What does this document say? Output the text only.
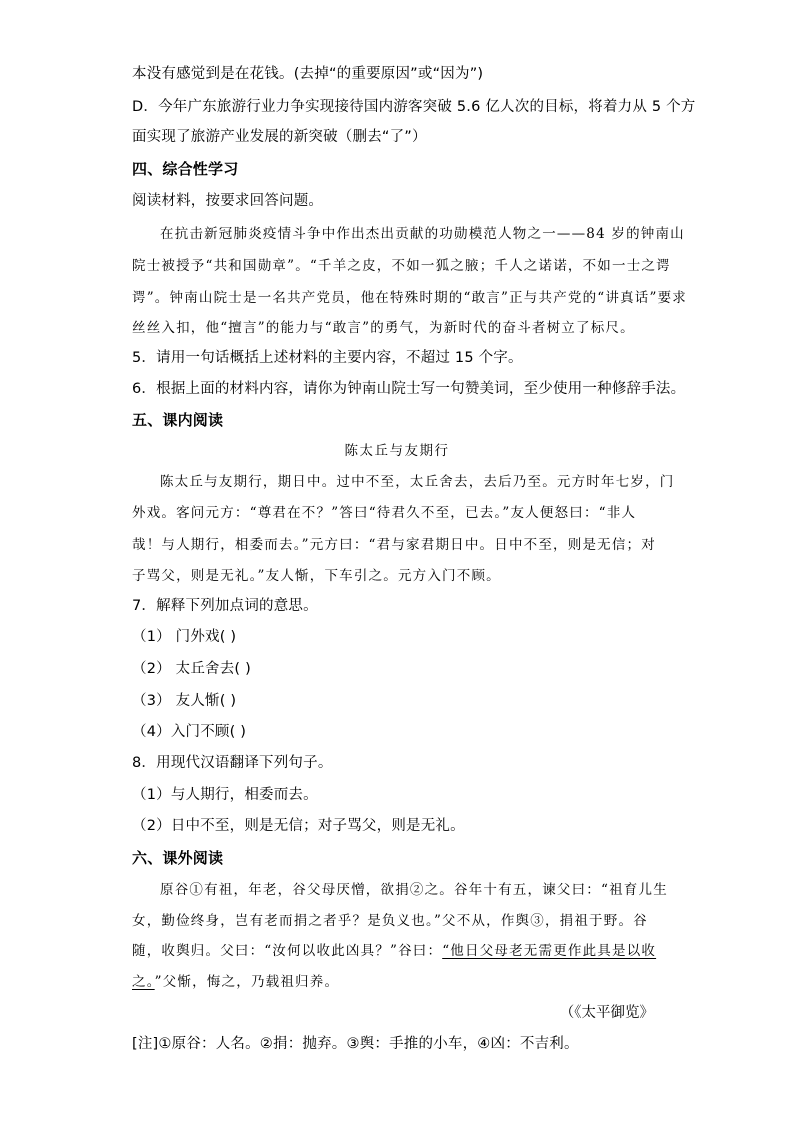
本没有感觉到是在花钱。(去掉“的重要原因”或“因为”)
D．今年广东旅游行业力争实现接待国内游客突破 5.6 亿人次的目标，将着力从 5 个方
面实现了旅游产业发展的新突破（删去“了”）
四、综合性学习
阅读材料，按要求回答问题。
在抗击新冠肺炎疫情斗争中作出杰出贡献的功勋模范人物之一——84 岁的钟南山
院士被授予“共和国勋章”。“千羊之皮，不如一狐之腋；千人之诺诺，不如一士之谔
谔”。钟南山院士是一名共产党员，他在特殊时期的“敢言”正与共产党的“讲真话”要求
丝丝入扣，他“擅言”的能力与“敢言”的勇气，为新时代的奋斗者树立了标尺。
5．请用一句话概括上述材料的主要内容，不超过 15 个字。
6．根据上面的材料内容，请你为钟南山院士写一句赞美词，至少使用一种修辞手法。
五、课内阅读
陈太丘与友期行
陈太丘与友期行，期日中。过中不至，太丘舍去，去后乃至。元方时年七岁，门
外戏。客问元方：“尊君在不？”答曰“待君久不至，已去。”友人便怒曰：“非人
哉！与人期行，相委而去。”元方曰：“君与家君期日中。日中不至，则是无信；对
子骂父，则是无礼。”友人惭，下车引之。元方入门不顾。
7．解释下列加点词的意思。
（1） 门外戏( )
（2） 太丘舍去( )
（3） 友人惭( )
（4）入门不顾( )
8．用现代汉语翻译下列句子。
（1）与人期行，相委而去。
（2）日中不至，则是无信；对子骂父，则是无礼。
六、课外阅读
原谷①有祖，年老，谷父母厌憎，欲捐②之。谷年十有五，谏父曰：“祖育儿生
女，勤俭终身，岂有老而捐之者乎？是负义也。”父不从，作舆③，捐祖于野。谷
随，收舆归。父曰：“汝何以收此凶具？”谷曰：“他日父母老无需更作此具是以收
之。”父惭，悔之，乃载祖归养。
（《太平御览》
[注]①原谷：人名。②捐：抛弃。③舆：手推的小车，④凶：不吉利。
